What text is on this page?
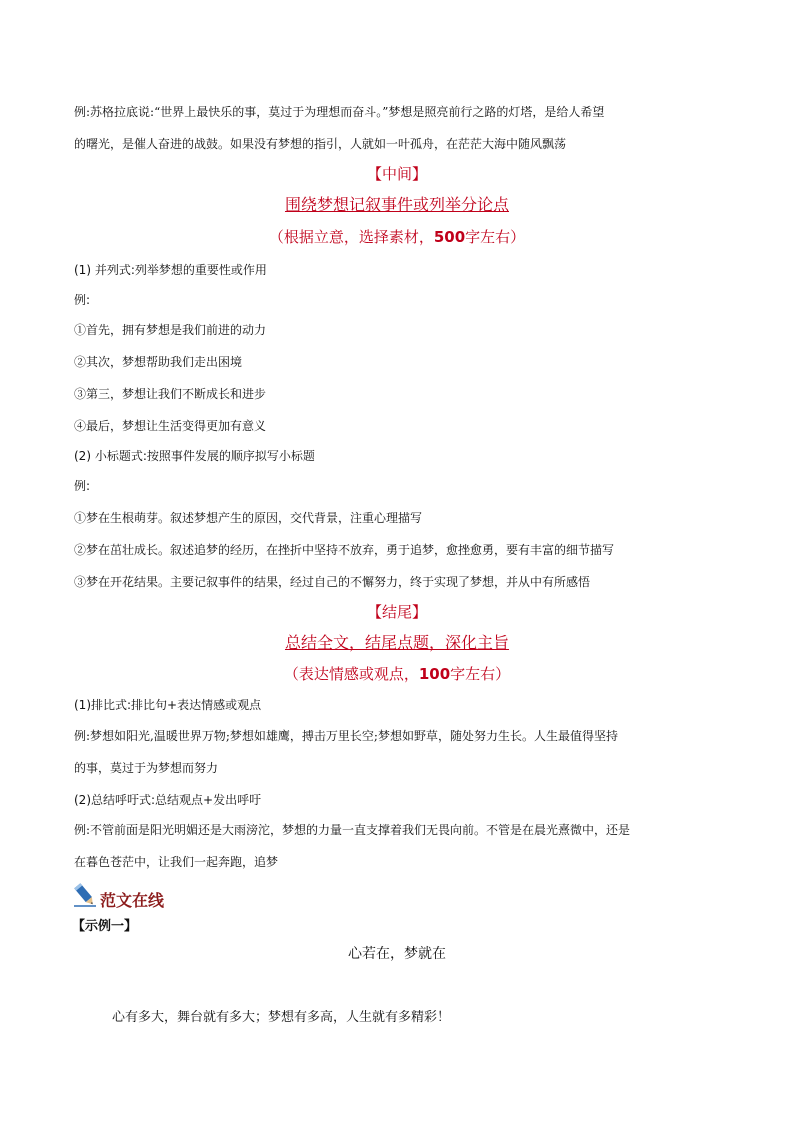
例:苏格拉底说:“世界上最快乐的事，莫过于为理想而奋斗。”梦想是照亮前行之路的灯塔，是给人希望
的曙光，是催人奋进的战鼓。如果没有梦想的指引，人就如一叶孤舟，在茫茫大海中随风飘荡
【中间】
围绕梦想记叙事件或列举分论点
（根据立意，选择素材，500字左右）
(1) 并列式:列举梦想的重要性或作用
例:
①首先，拥有梦想是我们前进的动力
②其次，梦想帮助我们走出困境
③第三，梦想让我们不断成长和进步
④最后，梦想让生活变得更加有意义
(2) 小标题式:按照事件发展的顺序拟写小标题
例:
①梦在生根萌芽。叙述梦想产生的原因，交代背景，注重心理描写
②梦在茁壮成长。叙述追梦的经历，在挫折中坚持不放弃，勇于追梦，愈挫愈勇，要有丰富的细节描写
③梦在开花结果。主要记叙事件的结果，经过自己的不懈努力，终于实现了梦想，并从中有所感悟
【结尾】
总结全文，结尾点题，深化主旨
（表达情感或观点，100字左右）
(1)排比式:排比句+表达情感或观点
例:梦想如阳光,温暖世界万物;梦想如雄鹰，搏击万里长空;梦想如野草，随处努力生长。人生最值得坚持
的事，莫过于为梦想而努力
(2)总结呼吁式:总结观点+发出呼吁
例:不管前面是阳光明媚还是大雨滂沱，梦想的力量一直支撑着我们无畏向前。不管是在晨光熹微中，还是
在暮色苍茫中，让我们一起奔跑，追梦
范文在线
【示例一】
心若在，梦就在
心有多大，舞台就有多大；梦想有多高，人生就有多精彩！
